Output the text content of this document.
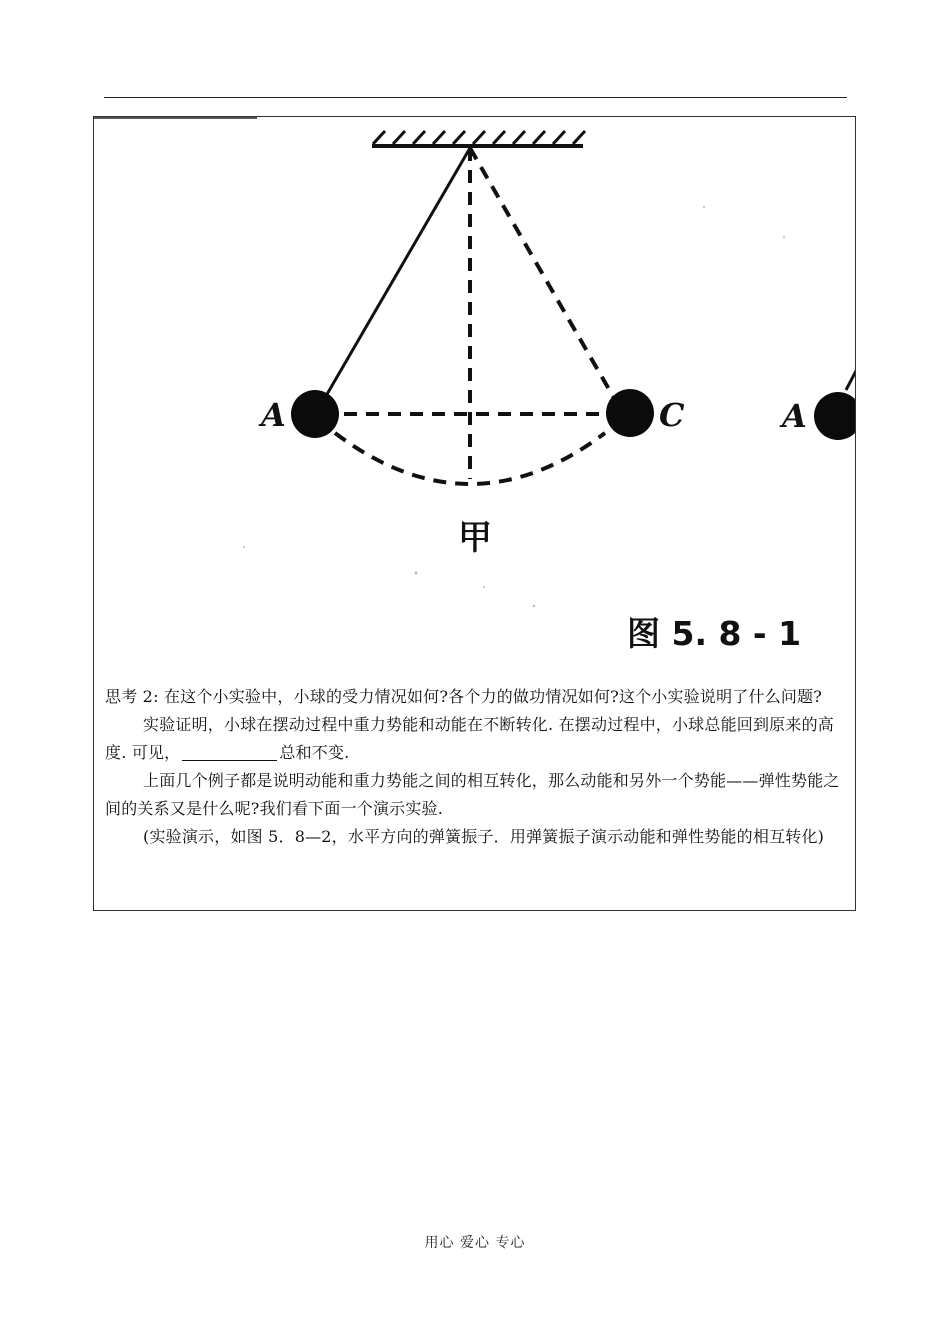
A	C	A
甲
图 5. 8 - 1

思考 2: 在这个小实验中，小球的受力情况如何?各个力的做功情况如何?这个小实验说明了什么问题?

实验证明，小球在摆动过程中重力势能和动能在不断转化. 在摆动过程中，小球总能回到原来的高度. 可见，	总和不变.

上面几个例子都是说明动能和重力势能之间的相互转化，那么动能和另外一个势能——弹性势能之间的关系又是什么呢?我们看下面一个演示实验.

(实验演示，如图 5．8—2，水平方向的弹簧振子．用弹簧振子演示动能和弹性势能的相互转化)

用心 爱心 专心
